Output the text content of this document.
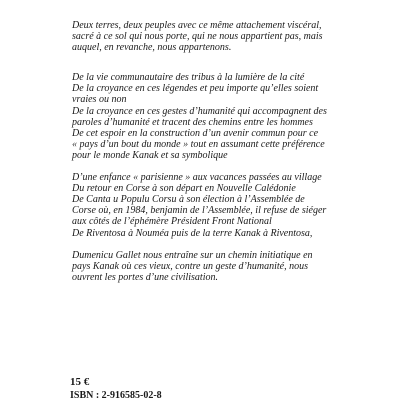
Deux terres, deux peuples avec ce même attachement viscéral,
sacré à ce sol qui nous porte, qui ne nous appartient pas, mais
auquel, en revanche, nous appartenons.

De la vie communautaire des tribus à la lumière de la cité
De la croyance en ces légendes et peu importe qu’elles soient
vraies ou non
De la croyance en ces gestes d’humanité qui accompagnent des
paroles d’humanité et tracent des chemins entre les hommes
De cet espoir en la construction d’un avenir commun pour ce
« pays d’un bout du monde » tout en assumant cette préférence
pour le monde Kanak et sa symbolique

D’une enfance « parisienne » aux vacances passées au village
Du retour en Corse à son départ en Nouvelle Calédonie
De Canta u Populu Corsu à son élection à l’Assemblée de
Corse où, en 1984, benjamin de l’Assemblée, il refuse de siéger
aux côtés de l’éphémère Président Front National
De Riventosa à Nouméa puis de la terre Kanak à Riventosa,

Dumenicu Gallet nous entraîne sur un chemin initiatique en
pays Kanak où ces vieux, contre un geste d’humanité, nous
ouvrent les portes d’une civilisation.

15 €
ISBN : 2-916585-02-8
